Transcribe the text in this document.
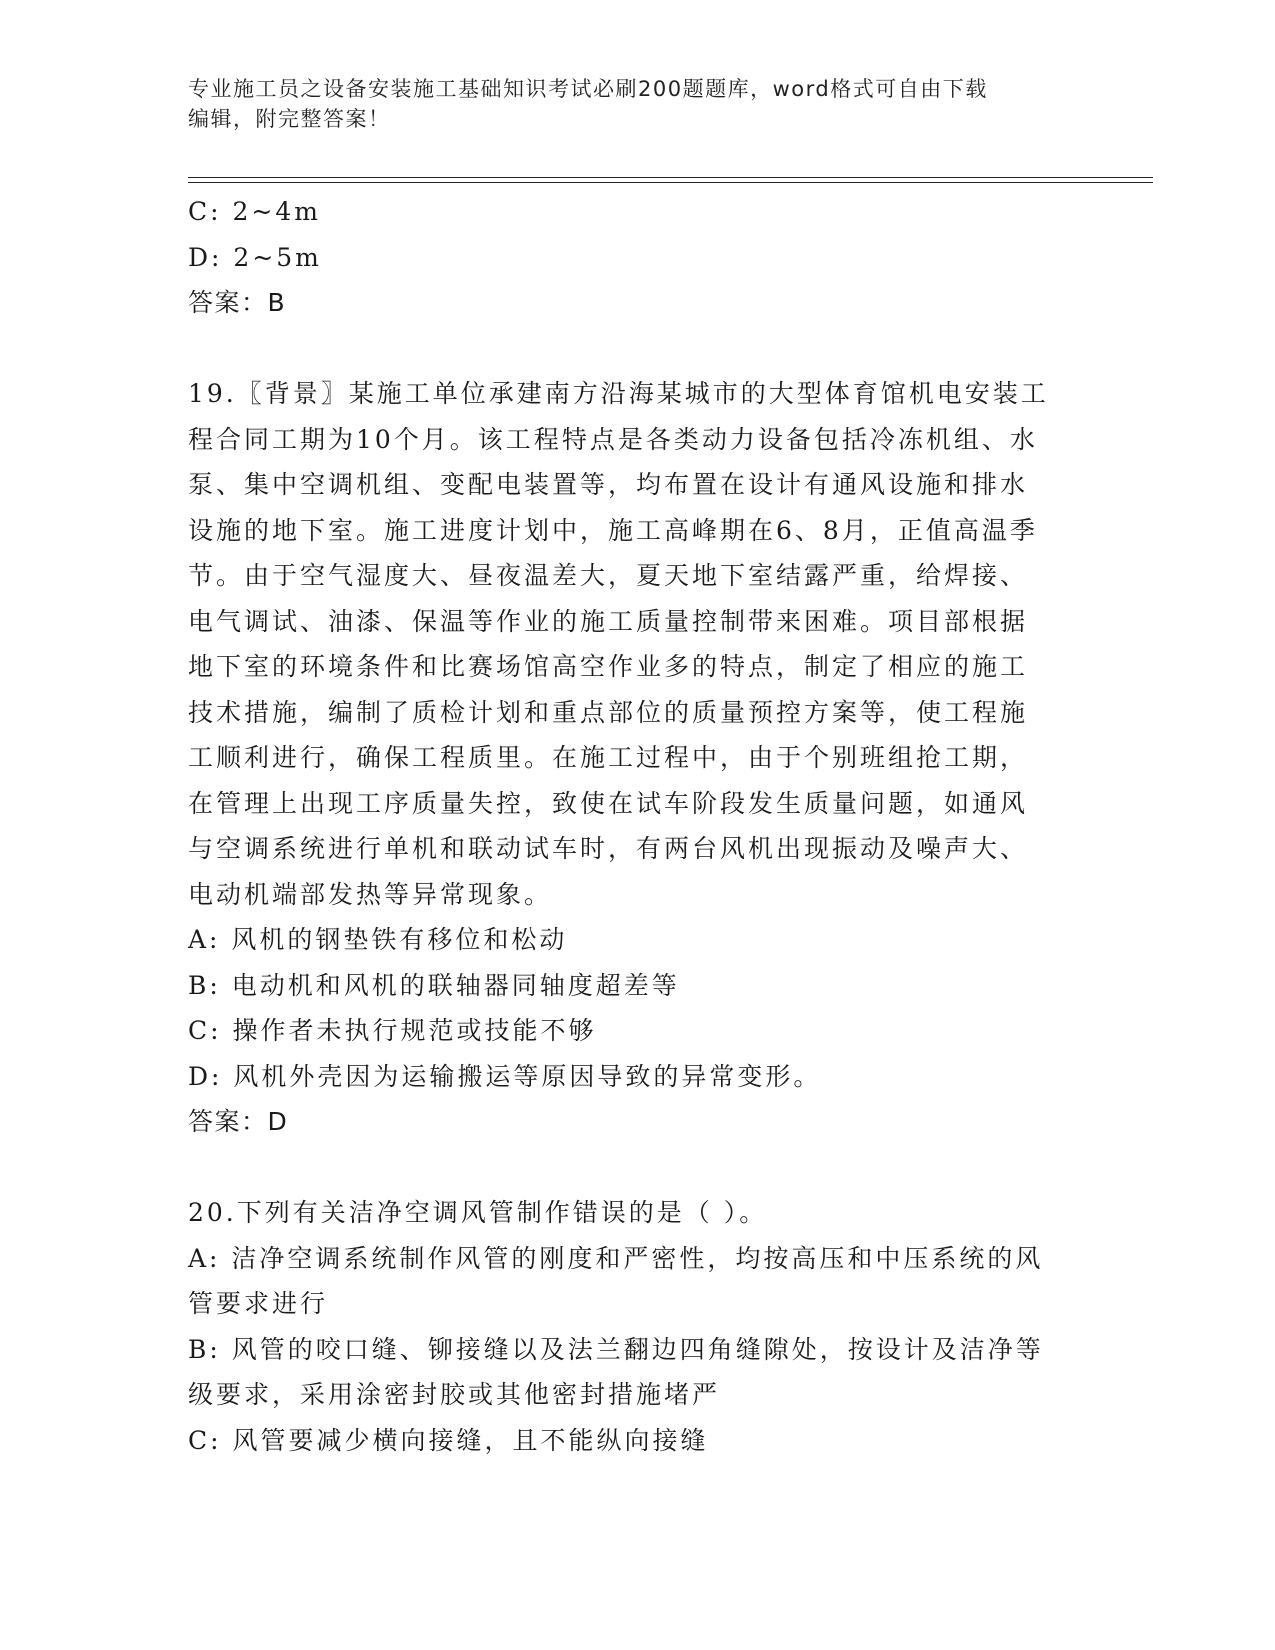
专业施工员之设备安装施工基础知识考试必刷200题题库，word格式可自由下载
编辑，附完整答案！
C: 2~4m
D: 2~5m
答案：B
19.〖背景〗某施工单位承建南方沿海某城市的大型体育馆机电安装工
程合同工期为10个月。该工程特点是各类动力设备包括冷冻机组、水
泵、集中空调机组、变配电装置等，均布置在设计有通风设施和排水
设施的地下室。施工进度计划中，施工高峰期在6、8月，正值高温季
节。由于空气湿度大、昼夜温差大，夏天地下室结露严重，给焊接、
电气调试、油漆、保温等作业的施工质量控制带来困难。项目部根据
地下室的环境条件和比赛场馆高空作业多的特点，制定了相应的施工
技术措施，编制了质检计划和重点部位的质量预控方案等，使工程施
工顺利进行，确保工程质里。在施工过程中，由于个别班组抢工期，
在管理上出现工序质量失控，致使在试车阶段发生质量问题，如通风
与空调系统进行单机和联动试车时，有两台风机出现振动及噪声大、
电动机端部发热等异常现象。
A: 风机的钢垫铁有移位和松动
B: 电动机和风机的联轴器同轴度超差等
C: 操作者未执行规范或技能不够
D: 风机外壳因为运输搬运等原因导致的异常变形。
答案：D
20.下列有关洁净空调风管制作错误的是（ ）。
A: 洁净空调系统制作风管的刚度和严密性，均按高压和中压系统的风
管要求进行
B: 风管的咬口缝、铆接缝以及法兰翻边四角缝隙处，按设计及洁净等
级要求，采用涂密封胶或其他密封措施堵严
C: 风管要减少横向接缝，且不能纵向接缝
